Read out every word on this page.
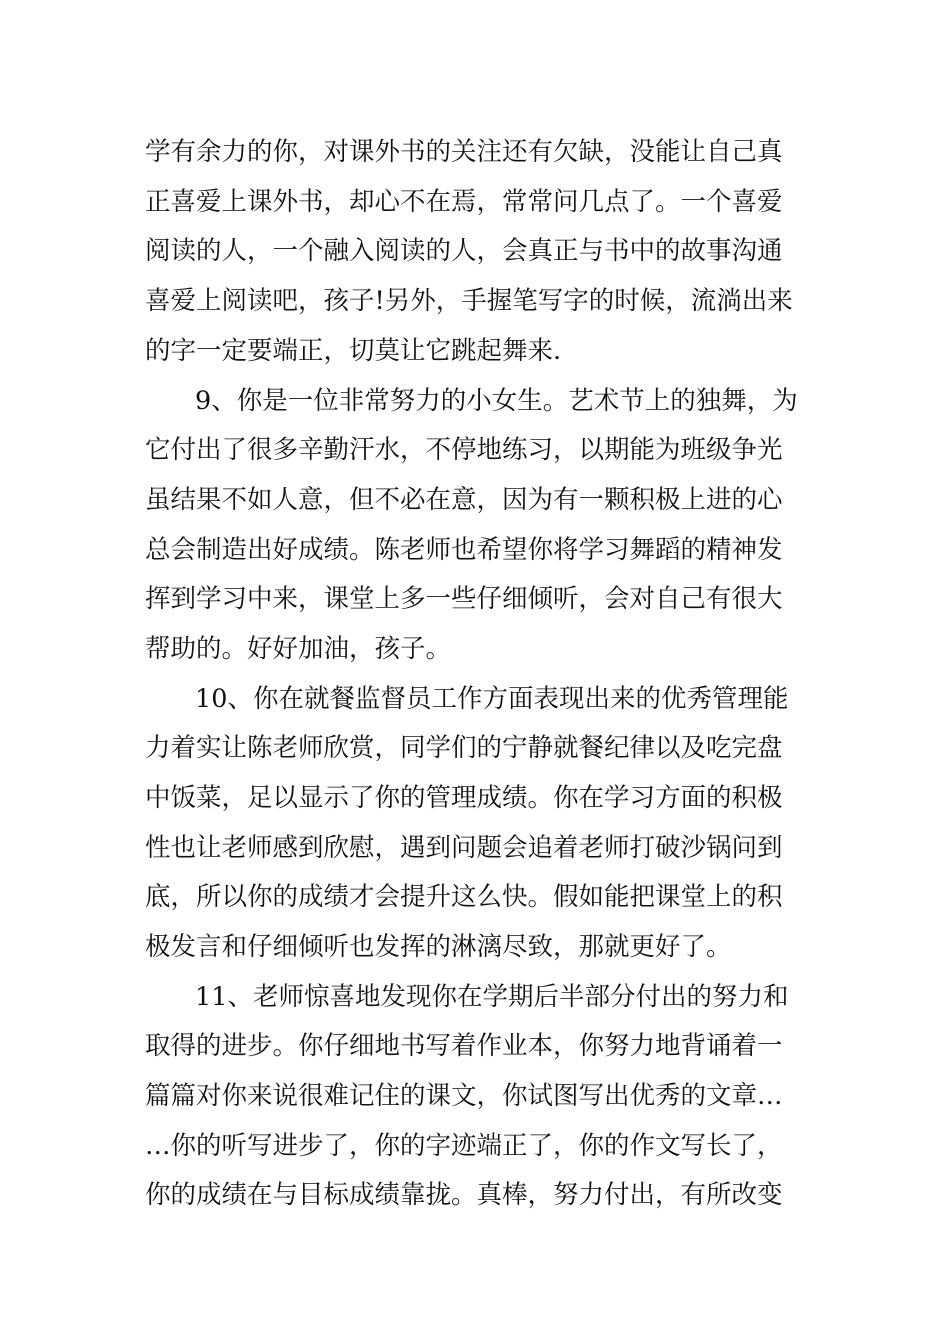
学有余力的你，对课外书的关注还有欠缺，没能让自己真
正喜爱上课外书，却心不在焉，常常问几点了。一个喜爱
阅读的人，一个融入阅读的人，会真正与书中的故事沟通
喜爱上阅读吧，孩子!另外，手握笔写字的时候，流淌出来
的字一定要端正，切莫让它跳起舞来.
9、你是一位非常努力的小女生。艺术节上的独舞，为
它付出了很多辛勤汗水，不停地练习，以期能为班级争光
虽结果不如人意，但不必在意，因为有一颗积极上进的心
总会制造出好成绩。陈老师也希望你将学习舞蹈的精神发
挥到学习中来，课堂上多一些仔细倾听，会对自己有很大
帮助的。好好加油，孩子。
10、你在就餐监督员工作方面表现出来的优秀管理能
力着实让陈老师欣赏，同学们的宁静就餐纪律以及吃完盘
中饭菜，足以显示了你的管理成绩。你在学习方面的积极
性也让老师感到欣慰，遇到问题会追着老师打破沙锅问到
底，所以你的成绩才会提升这么快。假如能把课堂上的积
极发言和仔细倾听也发挥的淋漓尽致，那就更好了。
11、老师惊喜地发现你在学期后半部分付出的努力和
取得的进步。你仔细地书写着作业本，你努力地背诵着一
篇篇对你来说很难记住的课文，你试图写出优秀的文章…
…你的听写进步了，你的字迹端正了，你的作文写长了，
你的成绩在与目标成绩靠拢。真棒，努力付出，有所改变
